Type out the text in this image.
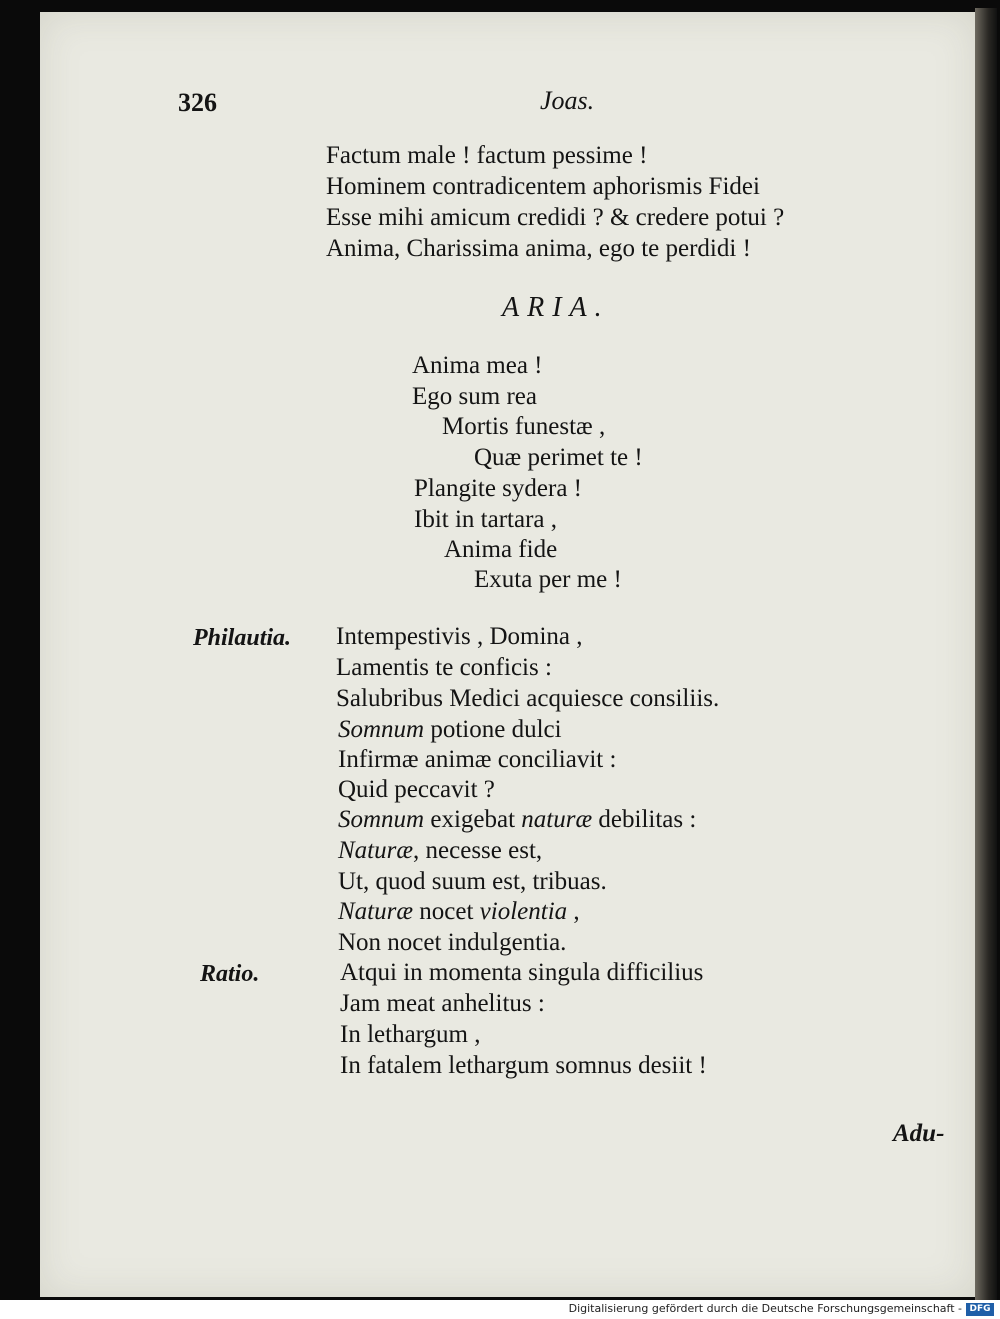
326	Joas.
Factum male ! factum pessime !
Hominem contradicentem aphorismis Fidei
Esse mihi amicum credidi ? & credere potui ?
Anima, Charissima anima, ego te perdidi !
ARIA.
Anima mea !
Ego sum rea
Mortis funestæ ,
Quæ perimet te !
Plangite sydera !
Ibit in tartara ,
Anima fide
Exuta per me !
Philautia. Intempestivis , Domina ,
Lamentis te conficis :
Salubribus Medici acquiesce consiliis.
Somnum potione dulci
Infirmæ animæ conciliavit :
Quid peccavit ?
Somnum exigebat naturæ debilitas :
Naturæ, necesse est,
Ut, quod suum est, tribuas.
Naturæ nocet violentia ,
Non nocet indulgentia.
Ratio.	Atqui in momenta singula difficilius
Jam meat anhelitus :
In lethargum ,
In fatalem lethargum somnus desiit !
Adu-
Digitalisierung gefördert durch die Deutsche Forschungsgemeinschaft - DFG
